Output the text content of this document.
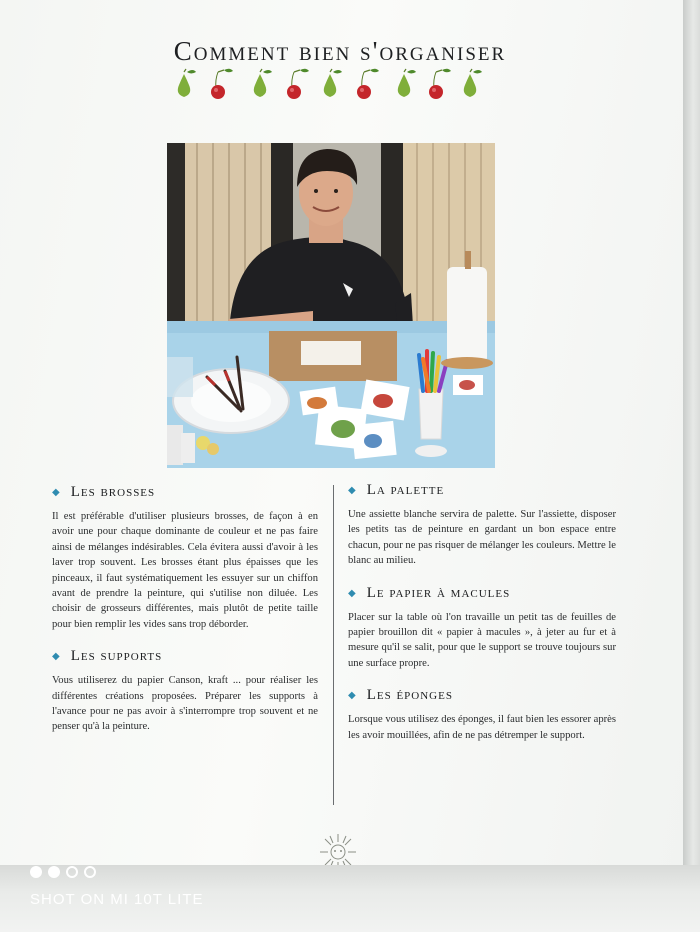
Comment bien s'organiser
◆ Les brosses

Il est préférable d'utiliser plusieurs brosses, de façon à en avoir une pour chaque dominante de couleur et ne pas faire ainsi de mélanges indésirables. Cela évitera aussi d'avoir à les laver trop souvent. Les brosses étant plus épaisses que les pinceaux, il faut systématiquement les essuyer sur un chiffon avant de prendre la peinture, qui s'utilise non diluée. Les choisir de grosseurs différentes, mais plutôt de petite taille pour bien remplir les vides sans trop déborder.

◆ Les supports

Vous utiliserez du papier Canson, kraft ... pour réaliser les différentes créations proposées. Préparer les supports à l'avance pour ne pas avoir à s'interrompre trop souvent et ne penser qu'à la peinture.

◆ La palette

Une assiette blanche servira de palette. Sur l'assiette, disposer les petits tas de peinture en gardant un bon espace entre chacun, pour ne pas risquer de mélanger les couleurs. Mettre le blanc au milieu.

◆ Le papier à macules

Placer sur la table où l'on travaille un petit tas de feuilles de papier brouillon dit « papier à macules », à jeter au fur et à mesure qu'il se salit, pour que le support se trouve toujours sur une surface propre.

◆ Les éponges

Lorsque vous utilisez des éponges, il faut bien les essorer après les avoir mouillées, afin de ne pas détremper le support.

SHOT ON MI 10T LITE
